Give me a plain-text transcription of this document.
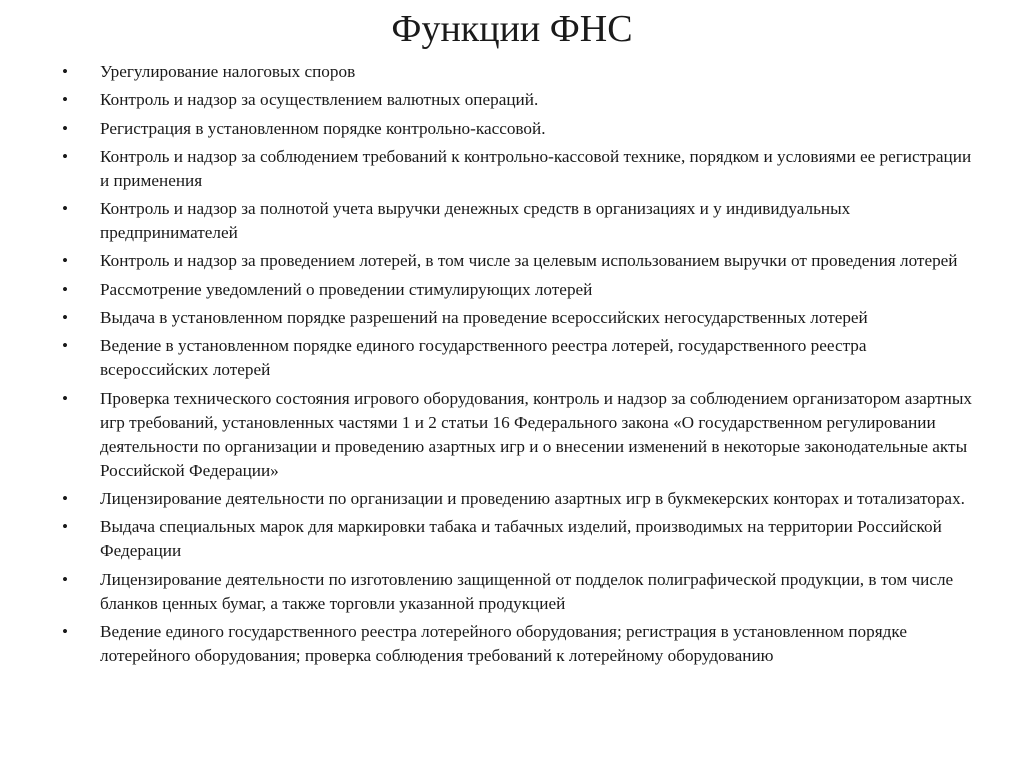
Функции ФНС
•	Урегулирование налоговых споров
•	Контроль и надзор за осуществлением валютных операций.
•	Регистрация в установленном порядке контрольно-кассовой.
•	Контроль и надзор за соблюдением требований к контрольно-кассовой технике, порядком и условиями ее регистрации и применения
•	Контроль и надзор за полнотой учета выручки денежных средств в организациях и у индивидуальных предпринимателей
•	Контроль и надзор за проведением лотерей, в том числе за целевым использованием выручки от проведения лотерей
•	Рассмотрение уведомлений о проведении стимулирующих лотерей
•	Выдача в установленном порядке разрешений на проведение всероссийских негосударственных лотерей
•	Ведение в установленном порядке единого государственного реестра лотерей, государственного реестра всероссийских лотерей
•	Проверка технического состояния игрового оборудования, контроль и надзор за соблюдением организатором азартных игр требований, установленных частями 1 и 2 статьи 16 Федерального закона «О государственном регулировании деятельности по организации и проведению азартных игр и о внесении изменений в некоторые законодательные акты Российской Федерации»
•	Лицензирование деятельности по организации и проведению азартных игр в букмекерских конторах и тотализаторах.
•	Выдача специальных марок для маркировки табака и табачных изделий, производимых на территории Российской Федерации
•	Лицензирование деятельности по изготовлению защищенной от подделок полиграфической продукции, в том числе бланков ценных бумаг, а также торговли указанной продукцией
•	Ведение единого государственного реестра лотерейного оборудования; регистрация в установленном порядке лотерейного оборудования; проверка соблюдения требований к лотерейному оборудованию
